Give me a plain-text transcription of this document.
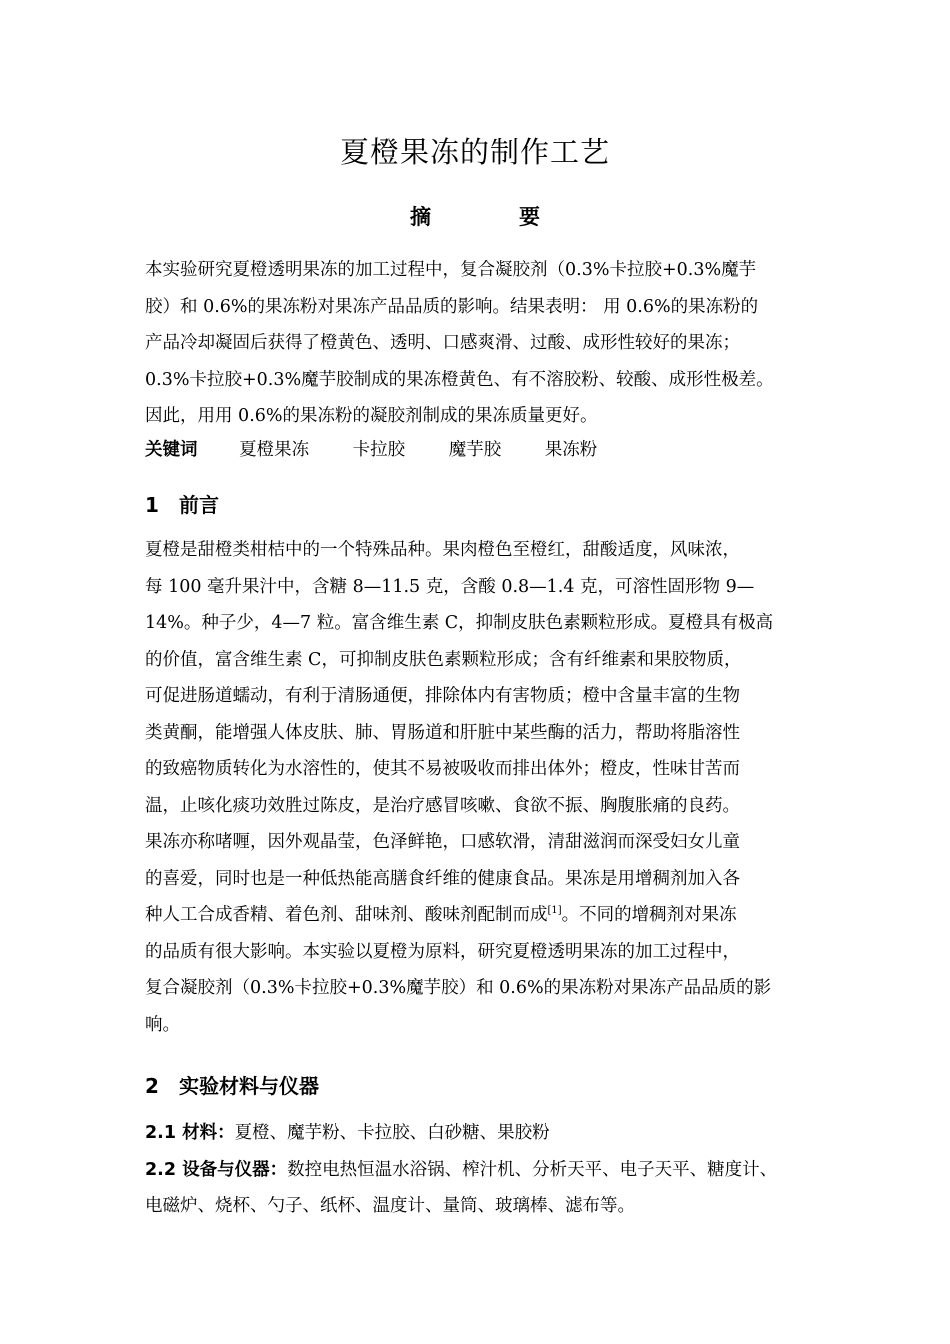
夏橙果冻的制作工艺
摘	要
本实验研究夏橙透明果冻的加工过程中，复合凝胶剂（0.3%卡拉胶+0.3%魔芋
胶）和 0.6%的果冻粉对果冻产品品质的影响。结果表明： 用 0.6%的果冻粉的
产品冷却凝固后获得了橙黄色、透明、口感爽滑、过酸、成形性较好的果冻；
0.3%卡拉胶+0.3%魔芋胶制成的果冻橙黄色、有不溶胶粉、较酸、成形性极差。
因此，用用 0.6%的果冻粉的凝胶剂制成的果冻质量更好。
关键词 夏橙果冻 卡拉胶 魔芋胶 果冻粉
1 前言
夏橙是甜橙类柑桔中的一个特殊品种。果肉橙色至橙红，甜酸适度，风味浓，
每 100 毫升果汁中，含糖 8—11.5 克，含酸 0.8—1.4 克，可溶性固形物 9—
14%。种子少，4—7 粒。富含维生素 C，抑制皮肤色素颗粒形成。夏橙具有极高
的价值，富含维生素 C，可抑制皮肤色素颗粒形成；含有纤维素和果胶物质，
可促进肠道蠕动，有利于清肠通便，排除体内有害物质；橙中含量丰富的生物
类黄酮，能增强人体皮肤、肺、胃肠道和肝脏中某些酶的活力，帮助将脂溶性
的致癌物质转化为水溶性的，使其不易被吸收而排出体外；橙皮，性味甘苦而
温，止咳化痰功效胜过陈皮，是治疗感冒咳嗽、食欲不振、胸腹胀痛的良药。
果冻亦称啫喱，因外观晶莹，色泽鲜艳，口感软滑，清甜滋润而深受妇女儿童
的喜爱，同时也是一种低热能高膳食纤维的健康食品。果冻是用增稠剂加入各
种人工合成香精、着色剂、甜味剂、酸味剂配制而成[1]。不同的增稠剂对果冻
的品质有很大影响。本实验以夏橙为原料，研究夏橙透明果冻的加工过程中，
复合凝胶剂（0.3%卡拉胶+0.3%魔芋胶）和 0.6%的果冻粉对果冻产品品质的影
响。
2 实验材料与仪器
2.1 材料：夏橙、魔芋粉、卡拉胶、白砂糖、果胶粉
2.2 设备与仪器：数控电热恒温水浴锅、榨汁机、分析天平、电子天平、糖度计、
电磁炉、烧杯、勺子、纸杯、温度计、量筒、玻璃棒、滤布等。
